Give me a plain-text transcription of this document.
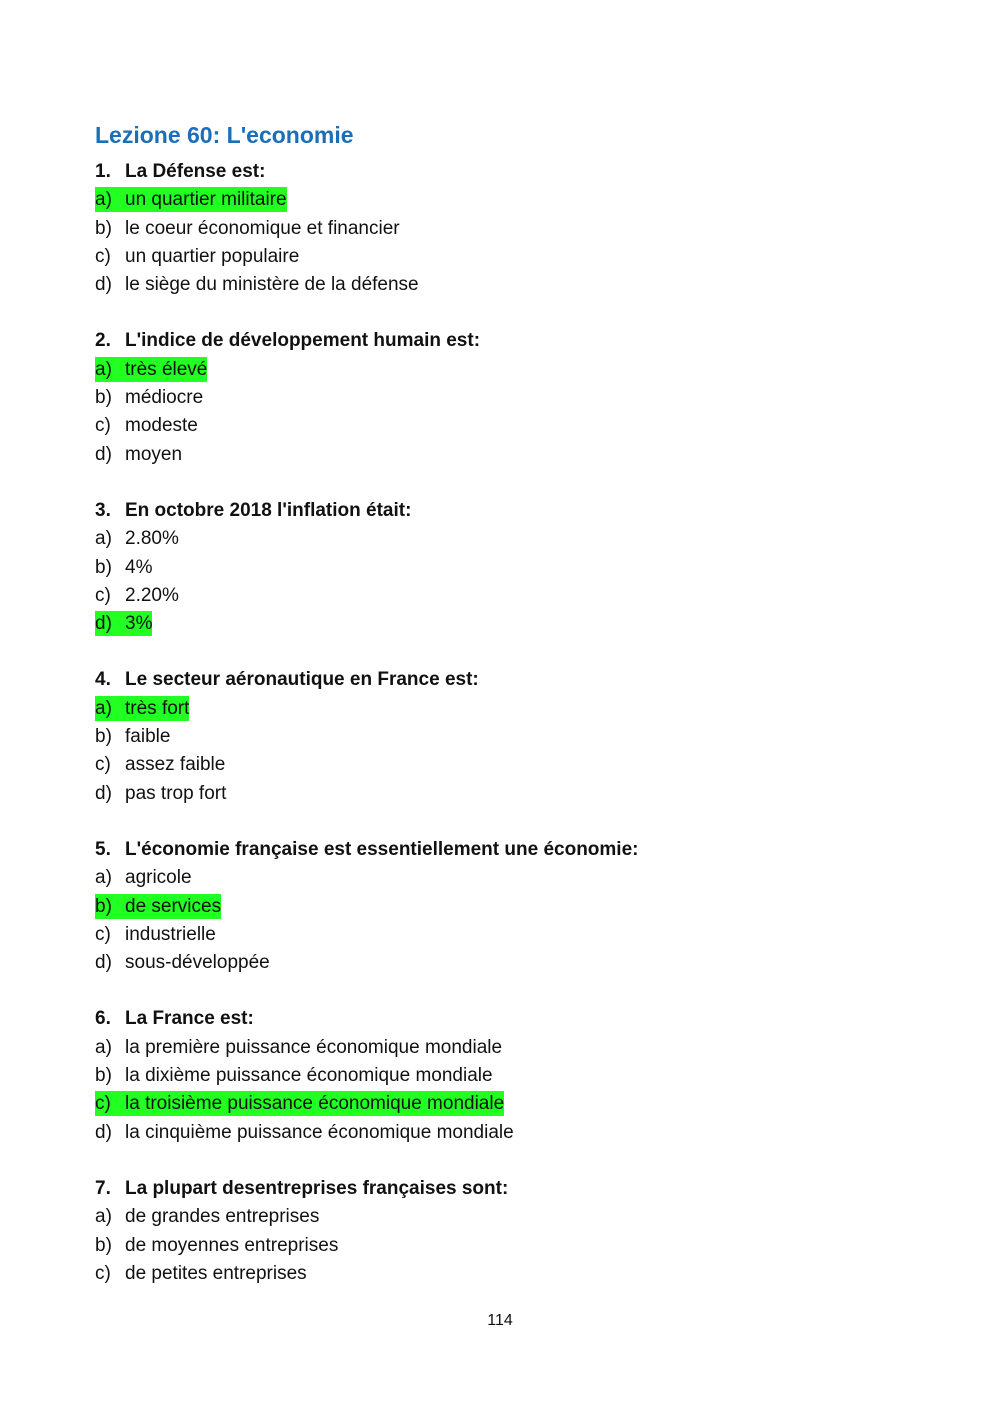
Lezione 60: L'economie
1. La Défense est:
a) un quartier militaire
b) le coeur économique et financier
c) un quartier populaire
d) le siège du ministère de la défense
2. L'indice de développement humain est:
a) très élevé
b) médiocre
c) modeste
d) moyen
3. En octobre 2018 l'inflation était:
a) 2.80%
b) 4%
c) 2.20%
d) 3%
4. Le secteur aéronautique en France est:
a) très fort
b) faible
c) assez faible
d) pas trop fort
5. L'économie française est essentiellement une économie:
a) agricole
b) de services
c) industrielle
d) sous-développée
6. La France est:
a) la première puissance économique mondiale
b) la dixième puissance économique mondiale
c) la troisième puissance économique mondiale
d) la cinquième puissance économique mondiale
7. La plupart desentreprises françaises sont:
a) de grandes entreprises
b) de moyennes entreprises
c) de petites entreprises
114
